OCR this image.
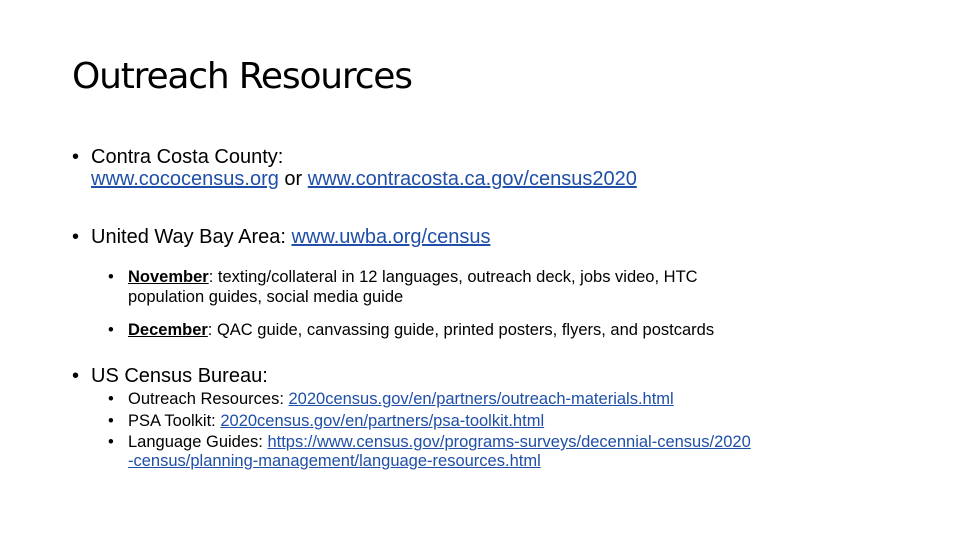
Outreach Resources
• Contra Costa County:
www.cococensus.org or www.contracosta.ca.gov/census2020
• United Way Bay Area: www.uwba.org/census
• November: texting/collateral in 12 languages, outreach deck, jobs video, HTC
population guides, social media guide
• December: QAC guide, canvassing guide, printed posters, flyers, and postcards
• US Census Bureau:
• Outreach Resources: 2020census.gov/en/partners/outreach-materials.html
• PSA Toolkit: 2020census.gov/en/partners/psa-toolkit.html
• Language Guides: https://www.census.gov/programs-surveys/decennial-census/2020
-census/planning-management/language-resources.html
